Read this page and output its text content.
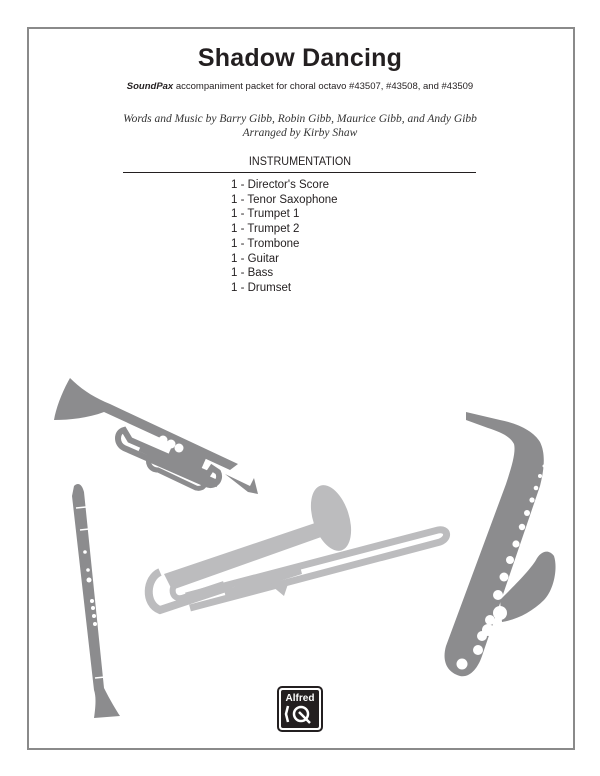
Shadow Dancing
SoundPax accompaniment packet for choral octavo #43507, #43508, and #43509
Words and Music by Barry Gibb, Robin Gibb, Maurice Gibb, and Andy Gibb
Arranged by Kirby Shaw
INSTRUMENTATION
1 - Director's Score
1 - Tenor Saxophone
1 - Trumpet 1
1 - Trumpet 2
1 - Trombone
1 - Guitar
1 - Bass
1 - Drumset
Alfred
